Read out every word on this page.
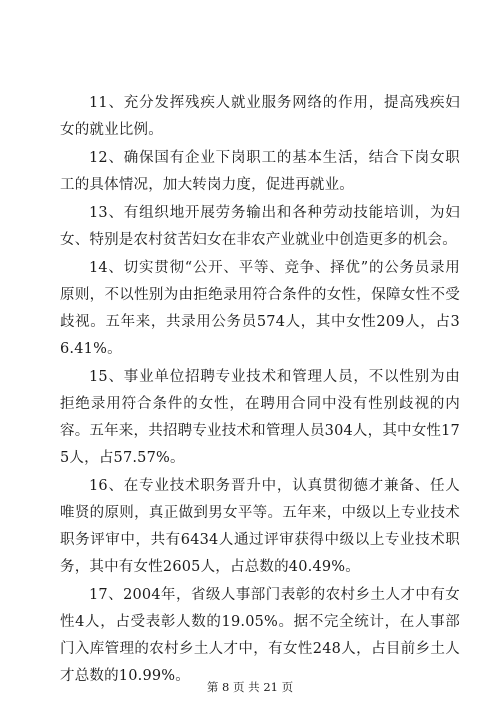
11、充分发挥残疾人就业服务网络的作用，提高残疾妇女的就业比例。

12、确保国有企业下岗职工的基本生活，结合下岗女职工的具体情况，加大转岗力度，促进再就业。

13、有组织地开展劳务输出和各种劳动技能培训，为妇女、特别是农村贫苦妇女在非农产业就业中创造更多的机会。

14、切实贯彻“公开、平等、竞争、择优”的公务员录用原则，不以性别为由拒绝录用符合条件的女性，保障女性不受歧视。五年来，共录用公务员574人，其中女性209人，占36.41%。

15、事业单位招聘专业技术和管理人员，不以性别为由拒绝录用符合条件的女性，在聘用合同中没有性别歧视的内容。五年来，共招聘专业技术和管理人员304人，其中女性175人，占57.57%。

16、在专业技术职务晋升中，认真贯彻德才兼备、任人唯贤的原则，真正做到男女平等。五年来，中级以上专业技术职务评审中，共有6434人通过评审获得中级以上专业技术职务，其中有女性2605人，占总数的40.49%。

17、2004年，省级人事部门表彰的农村乡土人才中有女性4人，占受表彰人数的19.05%。据不完全统计，在人事部门入库管理的农村乡土人才中，有女性248人，占目前乡土人才总数的10.99%。

第 8 页 共 21 页
